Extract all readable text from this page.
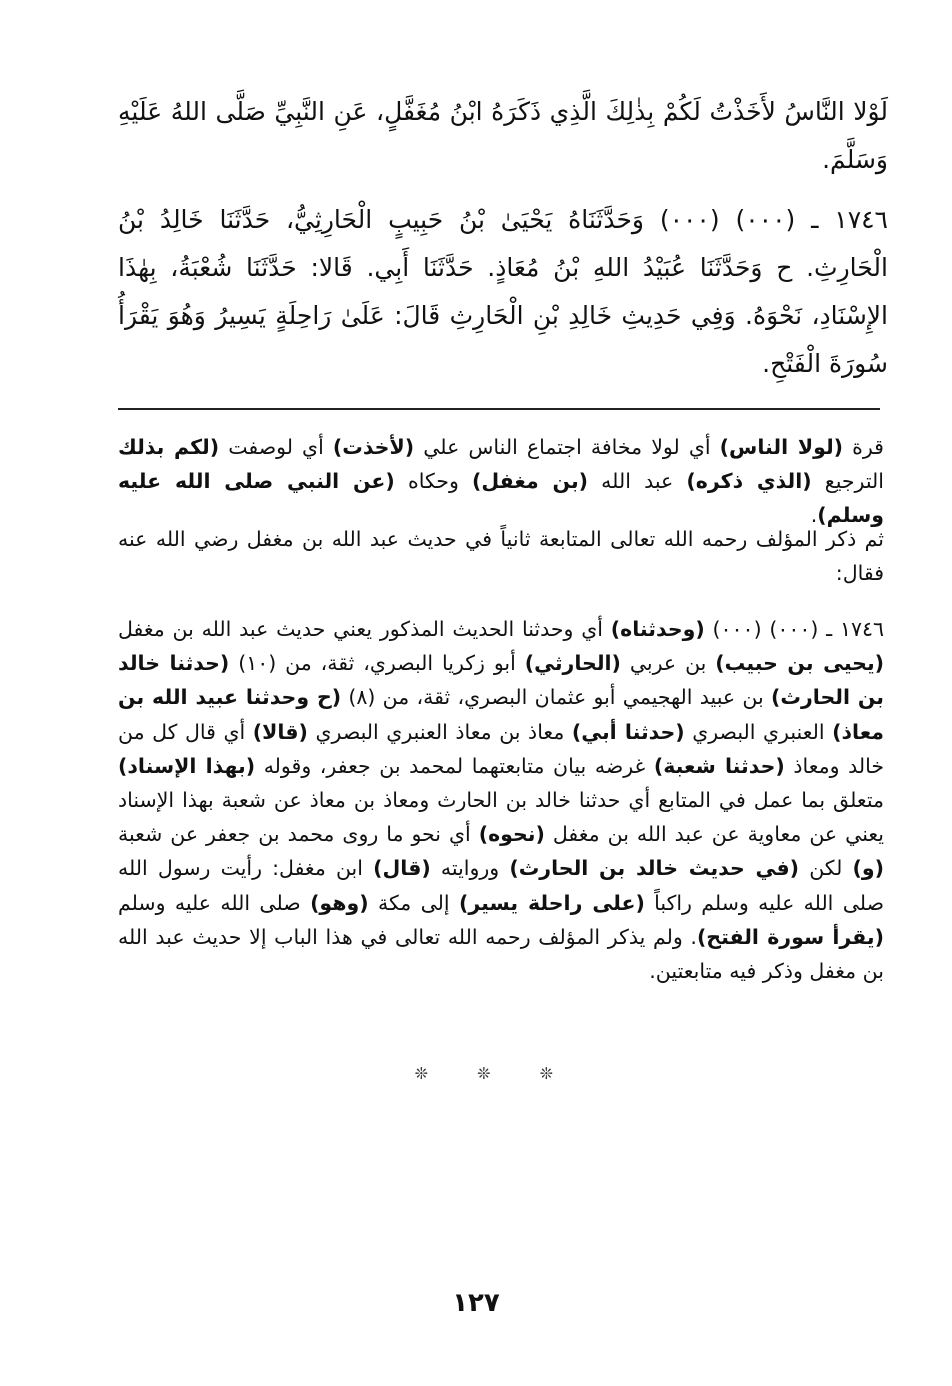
لَوْلا النَّاسُ لأَخَذْتُ لَكُمْ بِذٰلِكَ الَّذِي ذَكَرَهُ ابْنُ مُغَفَّلٍ، عَنِ النَّبِيِّ صَلَّى اللهُ عَلَيْهِ وَسَلَّمَ.

١٧٤٦ ـ (٠٠٠) (٠٠٠) وَحَدَّثَنَاهُ يَحْيَىٰ بْنُ حَبِيبٍ الْحَارِثِيُّ، حَدَّثَنَا خَالِدُ بْنُ الْحَارِثِ. ح وَحَدَّثَنَا عُبَيْدُ اللهِ بْنُ مُعَاذٍ. حَدَّثَنَا أَبِي. قَالا: حَدَّثَنَا شُعْبَةُ، بِهٰذَا الإِسْنَادِ، نَحْوَهُ. وَفِي حَدِيثِ خَالِدِ بْنِ الْحَارِثِ قَالَ: عَلَىٰ رَاحِلَةٍ يَسِيرُ وَهُوَ يَقْرَأُ سُورَةَ الْفَتْحِ.

قرة (لولا الناس) أي لولا مخافة اجتماع الناس علي (لأخذت) أي لوصفت (لكم بذلك الترجيع (الذي ذكره) عبد الله (بن مغفل) وحكاه (عن النبي صلى الله عليه وسلم).

ثم ذكر المؤلف رحمه الله تعالى المتابعة ثانياً في حديث عبد الله بن مغفل رضي الله عنه فقال:

١٧٤٦ ـ (٠٠٠) (٠٠٠) (وحدثناه) أي وحدثنا الحديث المذكور يعني حديث عبد الله بن مغفل (يحيى بن حبيب) بن عربي (الحارثي) أبو زكريا البصري، ثقة، من (١٠) (حدثنا خالد بن الحارث) بن عبيد الهجيمي أبو عثمان البصري، ثقة، من (٨) (ح وحدثنا عبيد الله بن معاذ) العنبري البصري (حدثنا أبي) معاذ بن معاذ العنبري البصري (قالا) أي قال كل من خالد ومعاذ (حدثنا شعبة) غرضه بيان متابعتهما لمحمد بن جعفر، وقوله (بهذا الإسناد) متعلق بما عمل في المتابع أي حدثنا خالد بن الحارث ومعاذ بن معاذ عن شعبة بهذا الإسناد يعني عن معاوية عن عبد الله بن مغفل (نحوه) أي نحو ما روى محمد بن جعفر عن شعبة (و) لكن (في حديث خالد بن الحارث) وروايته (قال) ابن مغفل: رأيت رسول الله صلى الله عليه وسلم راكباً (على راحلة يسير) إلى مكة (وهو) صلى الله عليه وسلم (يقرأ سورة الفتح). ولم يذكر المؤلف رحمه الله تعالى في هذا الباب إلا حديث عبد الله بن مغفل وذكر فيه متابعتين.

❊ ❊ ❊
١٢٧
